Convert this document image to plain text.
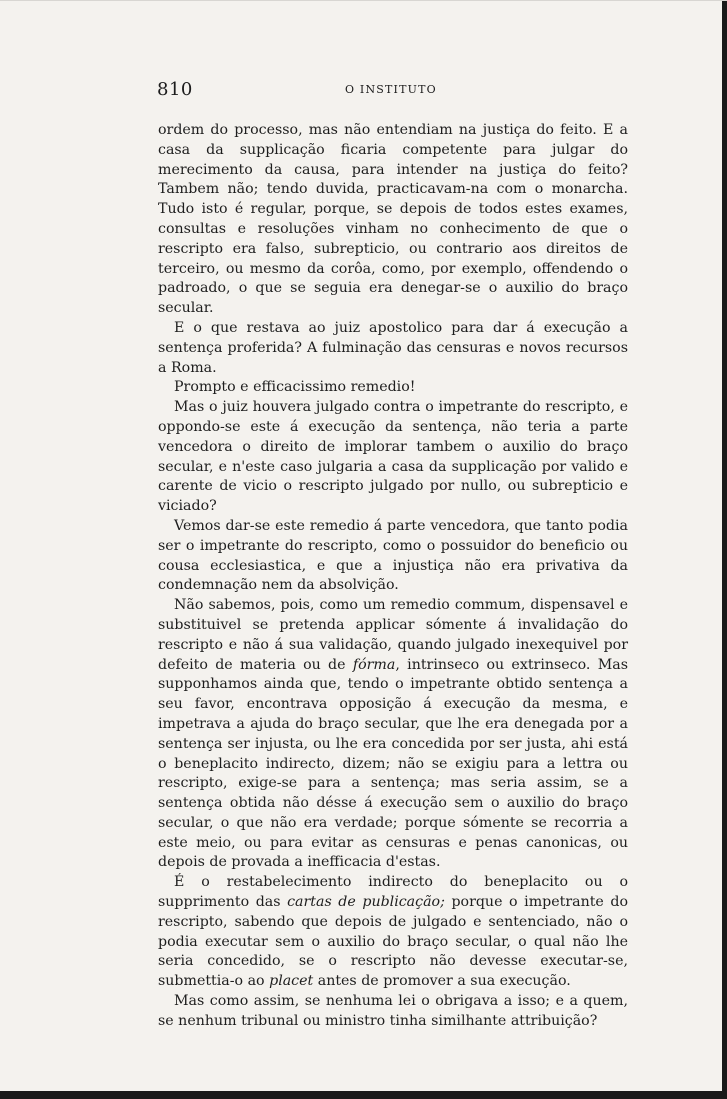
810	O INSTITUTO

ordem do processo, mas não entendiam na justiça do feito. E a casa da supplicação ficaria competente para julgar do merecimento da causa, para intender na justiça do feito? Tambem não; tendo duvida, practicavam-na com o monarcha. Tudo isto é regular, porque, se depois de todos estes exames, consultas e resoluções vinham no conhecimento de que o rescripto era falso, subrepticio, ou contrario aos direitos de terceiro, ou mesmo da corôa, como, por exemplo, offendendo o padroado, o que se seguia era denegar-se o auxilio do braço secular.

E o que restava ao juiz apostolico para dar á execução a sentença proferida? A fulminação das censuras e novos recursos a Roma.

Prompto e efficacissimo remedio!

Mas o juiz houvera julgado contra o impetrante do rescripto, e oppondo-se este á execução da sentença, não teria a parte vencedora o direito de implorar tambem o auxilio do braço secular, e n'este caso julgaria a casa da supplicação por valido e carente de vicio o rescripto julgado por nullo, ou subrepticio e viciado?

Vemos dar-se este remedio á parte vencedora, que tanto podia ser o impetrante do rescripto, como o possuidor do beneficio ou cousa ecclesiastica, e que a injustiça não era privativa da condemnação nem da absolvição.

Não sabemos, pois, como um remedio commum, dispensavel e substituivel se pretenda applicar sómente á invalidação do rescripto e não á sua validação, quando julgado inexequivel por defeito de materia ou de fórma, intrinseco ou extrinseco. Mas supponhamos ainda que, tendo o impetrante obtido sentença a seu favor, encontrava opposição á execução da mesma, e impetrava a ajuda do braço secular, que lhe era denegada por a sentença ser injusta, ou lhe era concedida por ser justa, ahi está o beneplacito indirecto, dizem; não se exigiu para a lettra ou rescripto, exige-se para a sentença; mas seria assim, se a sentença obtida não désse á execução sem o auxilio do braço secular, o que não era verdade; porque sómente se recorria a este meio, ou para evitar as censuras e penas canonicas, ou depois de provada a inefficacia d'estas.

É o restabelecimento indirecto do beneplacito ou o supprimento das cartas de publicação; porque o impetrante do rescripto, sabendo que depois de julgado e sentenciado, não o podia executar sem o auxilio do braço secular, o qual não lhe seria concedido, se o rescripto não devesse executar-se, submettia-o ao placet antes de promover a sua execução.

Mas como assim, se nenhuma lei o obrigava a isso; e a quem, se nenhum tribunal ou ministro tinha similhante attribuição?
